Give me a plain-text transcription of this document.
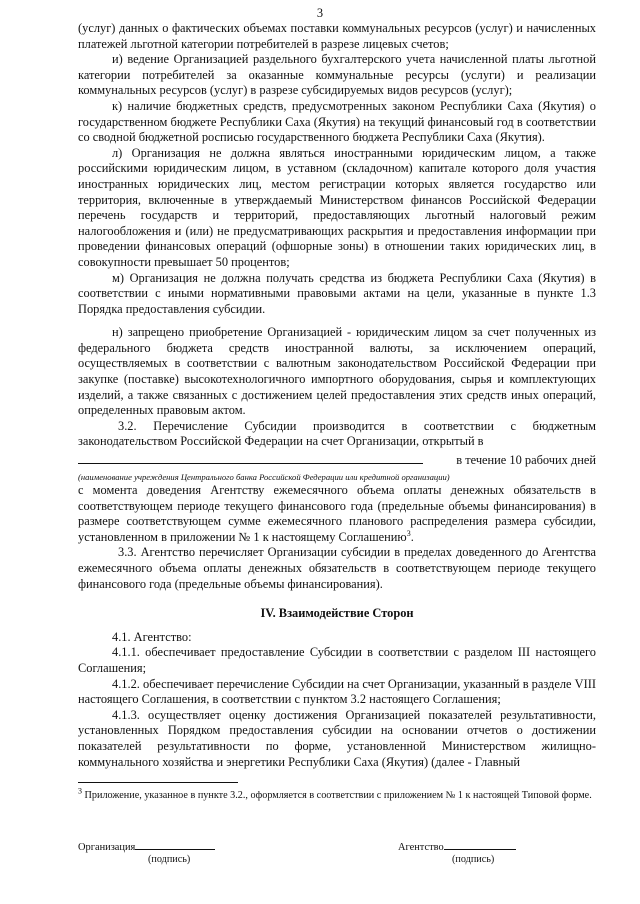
3

(услуг) данных о фактических объемах поставки коммунальных ресурсов (услуг) и начисленных платежей льготной категории потребителей в разрезе лицевых счетов;

и) ведение Организацией раздельного бухгалтерского учета начисленной платы льготной категории потребителей за оказанные коммунальные ресурсы (услуги) и реализации коммунальных ресурсов (услуг) в разрезе субсидируемых видов ресурсов (услуг);

к) наличие бюджетных средств, предусмотренных законом Республики Саха (Якутия) о государственном бюджете Республики Саха (Якутия) на текущий финансовый год в соответствии со сводной бюджетной росписью государственного бюджета Республики Саха (Якутия).

л) Организация не должна являться иностранными юридическим лицом, а также российскими юридическим лицом, в уставном (складочном) капитале которого доля участия иностранных юридических лиц, местом регистрации которых является государство или территория, включенные в утверждаемый Министерством финансов Российской Федерации перечень государств и территорий, предоставляющих льготный налоговый режим налогообложения и (или) не предусматривающих раскрытия и предоставления информации при проведении финансовых операций (офшорные зоны) в отношении таких юридических лиц, в совокупности превышает 50 процентов;

м) Организация не должна получать средства из бюджета Республики Саха (Якутия) в соответствии с иными нормативными правовыми актами на цели, указанные в пункте 1.3 Порядка предоставления субсидии.

н) запрещено приобретение Организацией - юридическим лицом за счет полученных из федерального бюджета средств иностранной валюты, за исключением операций, осуществляемых в соответствии с валютным законодательством Российской Федерации при закупке (поставке) высокотехнологичного импортного оборудования, сырья и комплектующих изделий, а также связанных с достижением целей предоставления этих средств иных операций, определенных правовым актом.

3.2. Перечисление Субсидии производится в соответствии с бюджетным законодательством Российской Федерации на счет Организации, открытый в

в течение 10 рабочих дней

(наименование учреждения Центрального банка Российской Федерации или кредитной организации)

с момента доведения Агентству ежемесячного объема оплаты денежных обязательств в соответствующем периоде текущего финансового года (предельные объемы финансирования) в размере соответствующем сумме ежемесячного планового распределения размера субсидии, установленном в приложении № 1 к настоящему Соглашению$^3$.

3.3. Агентство перечисляет Организации субсидии в пределах доведенного до Агентства ежемесячного объема оплаты денежных обязательств в соответствующем периоде текущего финансового года (предельные объемы финансирования).

IV. Взаимодействие Сторон

4.1. Агентство:

4.1.1. обеспечивает предоставление Субсидии в соответствии с разделом III настоящего Соглашения;

4.1.2. обеспечивает перечисление Субсидии на счет Организации, указанный в разделе VIII настоящего Соглашения, в соответствии с пунктом 3.2 настоящего Соглашения;

4.1.3. осуществляет оценку достижения Организацией показателей результативности, установленных Порядком предоставления субсидии на основании отчетов о достижении показателей результативности по форме, установленной Министерством жилищно-коммунального хозяйства и энергетики Республики Саха (Якутия) (далее - Главный

$^3$ Приложение, указанное в пункте 3.2., оформляется в соответствии с приложением № 1 к настоящей Типовой форме.
Организация
(подпись)
Агентство
(подпись)
